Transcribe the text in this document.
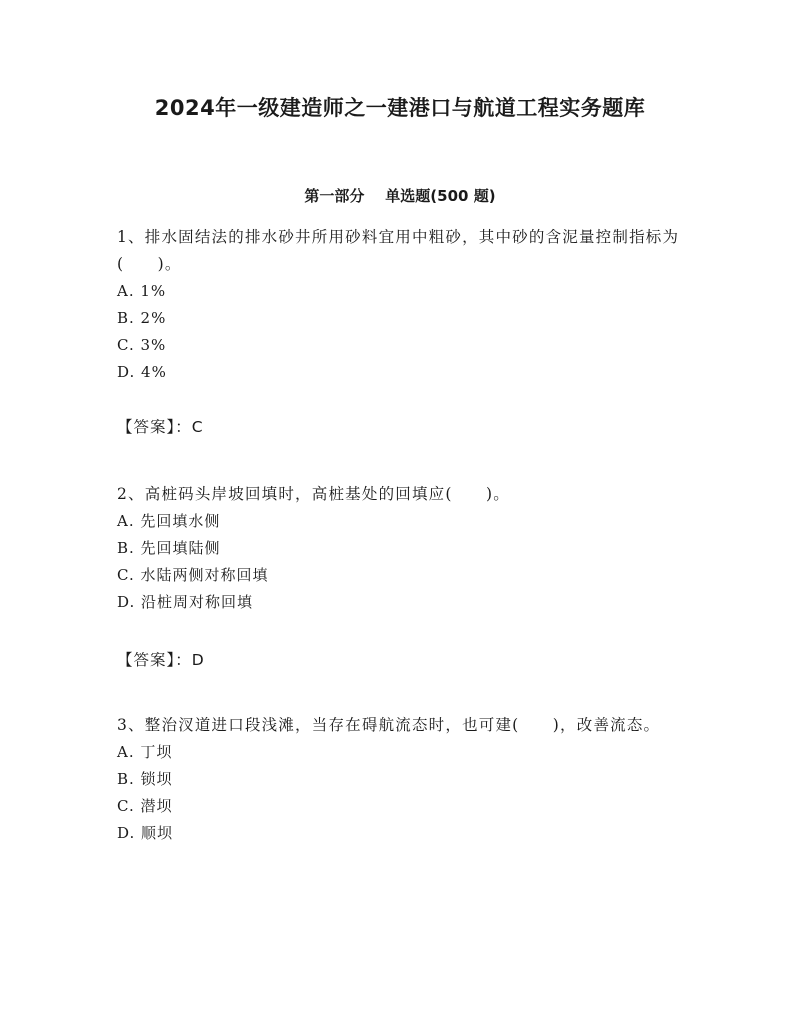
2024年一级建造师之一建港口与航道工程实务题库
第一部分    单选题(500 题)

1、排水固结法的排水砂井所用砂料宜用中粗砂，其中砂的含泥量控制指标为(　　)。

A. 1%
B. 2%
C. 3%
D. 4%
【答案】：C

2、高桩码头岸坡回填时，高桩基处的回填应(　　)。

A. 先回填水侧
B. 先回填陆侧
C. 水陆两侧对称回填
D. 沿桩周对称回填
【答案】：D

3、整治汊道进口段浅滩，当存在碍航流态时，也可建(　　)，改善流态。

A. 丁坝
B. 锁坝
C. 潜坝
D. 顺坝
